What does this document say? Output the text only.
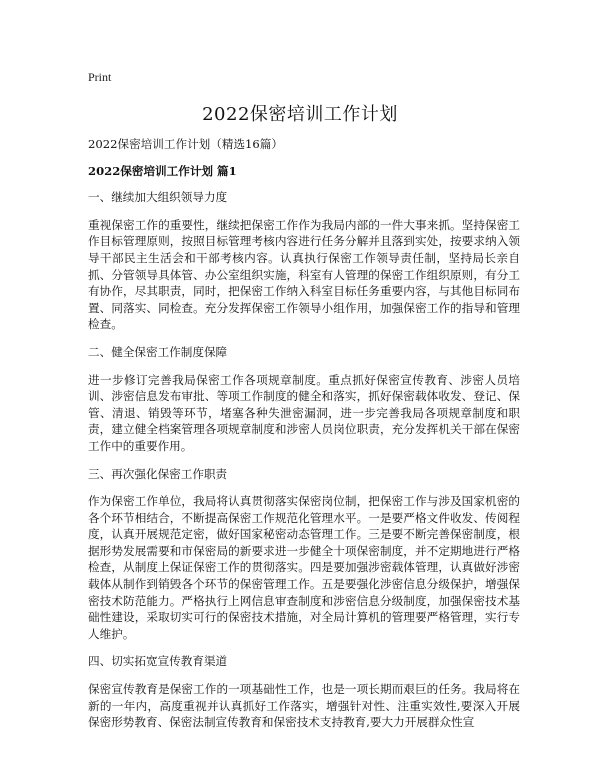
Print
2022保密培训工作计划

2022保密培训工作计划（精选16篇）

2022保密培训工作计划 篇1

一、继续加大组织领导力度

重视保密工作的重要性，继续把保密工作作为我局内部的一件大事来抓。坚持保密工作目标管理原则，按照目标管理考核内容进行任务分解并且落到实处，按要求纳入领导干部民主生活会和干部考核内容。认真执行保密工作领导责任制，坚持局长亲自抓、分管领导具体管、办公室组织实施，科室有人管理的保密工作组织原则，有分工有协作，尽其职责，同时，把保密工作纳入科室目标任务重要内容，与其他目标同布置、同落实、同检查。充分发挥保密工作领导小组作用，加强保密工作的指导和管理检查。

二、健全保密工作制度保障

进一步修订完善我局保密工作各项规章制度。重点抓好保密宣传教育、涉密人员培训、涉密信息发布审批、等项工作制度的健全和落实，抓好保密载体收发、登记、保管、清退、销毁等环节，堵塞各种失泄密漏洞，进一步完善我局各项规章制度和职责，建立健全档案管理各项规章制度和涉密人员岗位职责，充分发挥机关干部在保密工作中的重要作用。

三、再次强化保密工作职责

作为保密工作单位，我局将认真贯彻落实保密岗位制，把保密工作与涉及国家机密的各个环节相结合，不断提高保密工作规范化管理水平。一是要严格文件收发、传阅程度，认真开展规范定密，做好国家秘密动态管理工作。三是要不断完善保密制度，根据形势发展需要和市保密局的新要求进一步健全十项保密制度，并不定期地进行严格检查，从制度上保证保密工作的贯彻落实。四是要加强涉密载体管理，认真做好涉密载体从制作到销毁各个环节的保密管理工作。五是要强化涉密信息分级保护，增强保密技术防范能力。严格执行上网信息审查制度和涉密信息分级制度，加强保密技术基础性建设，采取切实可行的保密技术措施，对全局计算机的管理要严格管理，实行专人维护。

四、切实拓宽宣传教育渠道

保密宣传教育是保密工作的一项基础性工作，也是一项长期而艰巨的任务。我局将在新的一年内，高度重视并认真抓好工作落实，增强针对性、注重实效性,要深入开展保密形势教育、保密法制宣传教育和保密技术支持教育,要大力开展群众性宣
